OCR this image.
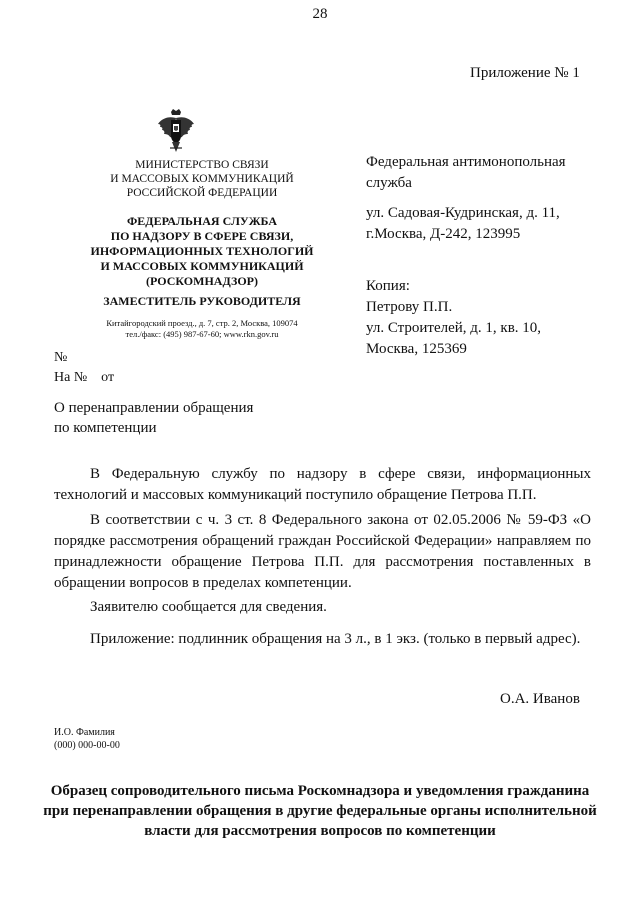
28
Приложение № 1
МИНИСТЕРСТВО СВЯЗИ
И МАССОВЫХ КОММУНИКАЦИЙ
РОССИЙСКОЙ ФЕДЕРАЦИИ
ФЕДЕРАЛЬНАЯ СЛУЖБА
ПО НАДЗОРУ В СФЕРЕ СВЯЗИ,
ИНФОРМАЦИОННЫХ ТЕХНОЛОГИЙ
И МАССОВЫХ КОММУНИКАЦИЙ
(РОСКОМНАДЗОР)
ЗАМЕСТИТЕЛЬ РУКОВОДИТЕЛЯ
Китайгородский проезд., д. 7, стр. 2, Москва, 109074
тел./факс: (495) 987-67-60; www.rkn.gov.ru
Федеральная антимонопольная
служба
ул. Садовая-Кудринская, д. 11,
г.Москва, Д-242, 123995
Копия:
Петрову П.П.
ул. Строителей, д. 1, кв. 10,
Москва, 125369
№
На №    от
О перенаправлении обращения
по компетенции

В Федеральную службу по надзору в сфере связи, информационных технологий и массовых коммуникаций поступило обращение Петрова П.П.

В соответствии с ч. 3 ст. 8 Федерального закона от 02.05.2006 № 59-ФЗ «О порядке рассмотрения обращений граждан Российской Федерации» направляем по принадлежности обращение Петрова П.П. для рассмотрения поставленных в обращении вопросов в пределах компетенции.

Заявителю сообщается для сведения.

Приложение: подлинник обращения на 3 л., в 1 экз. (только в первый адрес).

О.А. Иванов
И.О. Фамилия
(000) 000-00-00
Образец сопроводительного письма Роскомнадзора и уведомления гражданина при перенаправлении обращения в другие федеральные органы исполнительной власти для рассмотрения вопросов по компетенции
